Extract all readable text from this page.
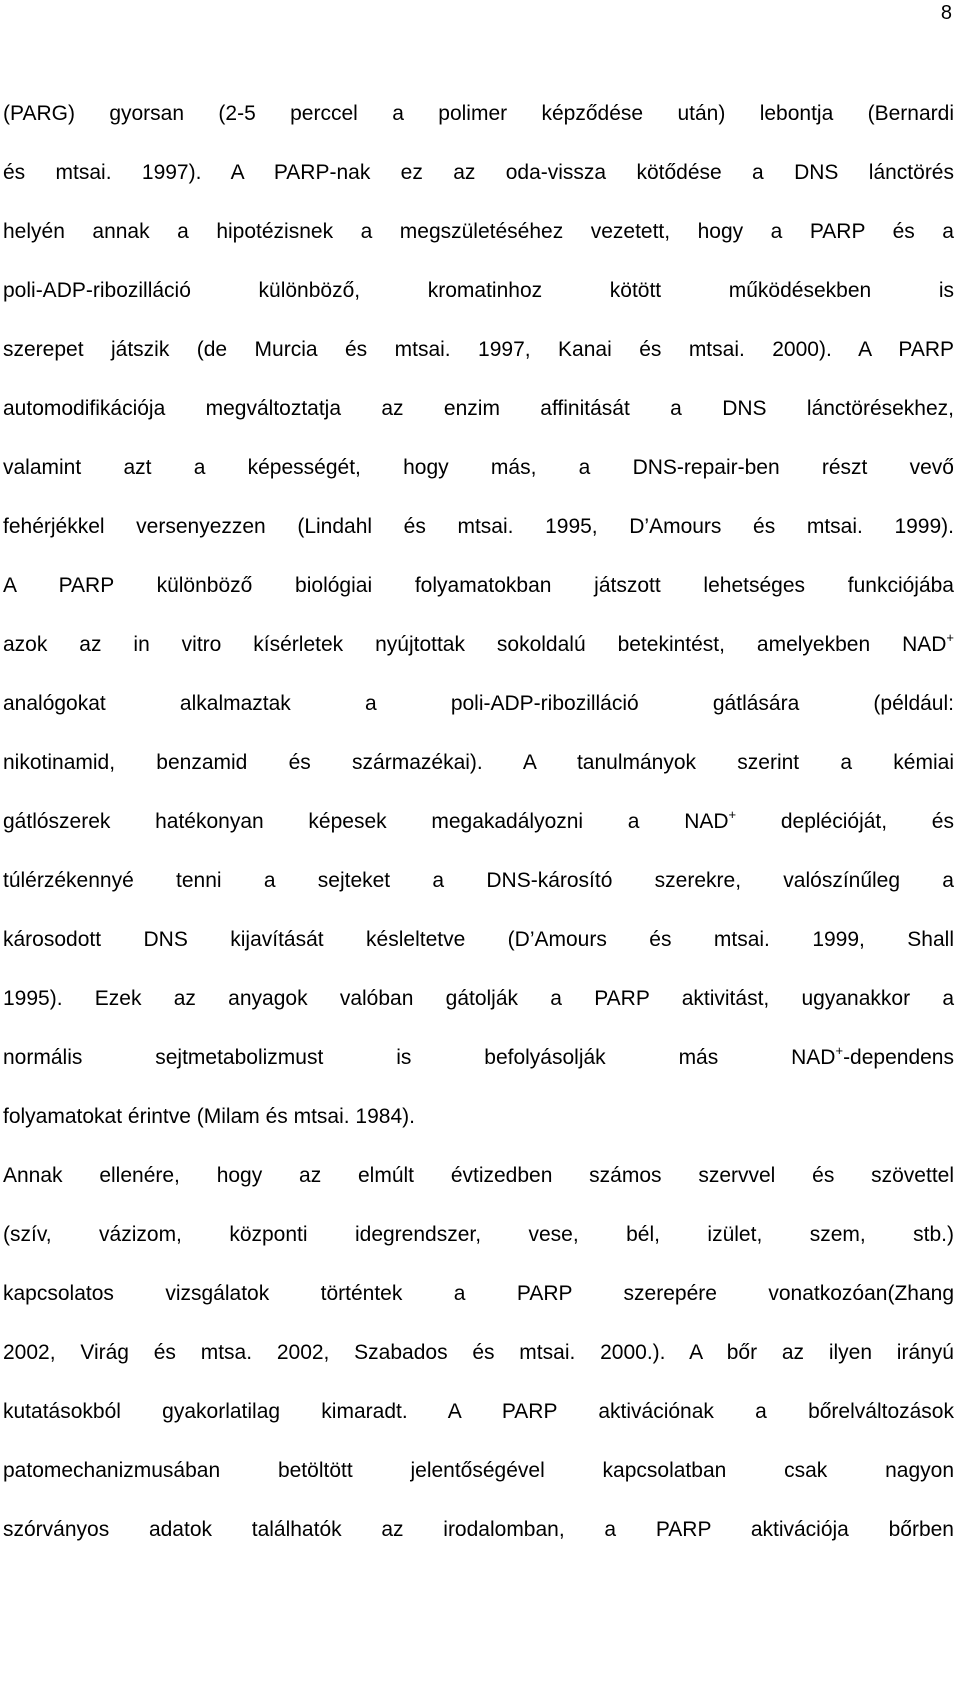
8
(PARG) gyorsan (2-5 perccel a polimer képződése után) lebontja (Bernardi
és mtsai. 1997). A PARP-nak ez az oda-vissza kötődése a DNS lánctörés
helyén annak a hipotézisnek a megszületéséhez vezetett, hogy a PARP és a
poli-ADP-ribozilláció különböző, kromatinhoz kötött működésekben is
szerepet játszik (de Murcia és mtsai. 1997, Kanai és mtsai. 2000). A PARP
automodifikációja megváltoztatja az enzim affinitását a DNS lánctörésekhez,
valamint azt a képességét, hogy más, a DNS-repair-ben részt vevő
fehérjékkel versenyezzen (Lindahl és mtsai. 1995, D’Amours és mtsai. 1999).
A PARP különböző biológiai folyamatokban játszott lehetséges funkciójába
azok az in vitro kísérletek nyújtottak sokoldalú betekintést, amelyekben NAD+
analógokat alkalmaztak a poli-ADP-ribozilláció gátlására (például:
nikotinamid, benzamid és származékai). A tanulmányok szerint a kémiai
gátlószerek hatékonyan képesek megakadályozni a NAD+ deplécióját, és
túlérzékennyé tenni a sejteket a DNS-károsító szerekre, valószínűleg a
károsodott DNS kijavítását késleltetve (D’Amours és mtsai. 1999, Shall
1995). Ezek az anyagok valóban gátolják a PARP aktivitást, ugyanakkor a
normális sejtmetabolizmust is befolyásolják más NAD+-dependens
folyamatokat érintve (Milam és mtsai. 1984).
Annak ellenére, hogy az elmúlt évtizedben számos szervvel és szövettel
(szív, vázizom, központi idegrendszer, vese, bél, izület, szem, stb.)
kapcsolatos vizsgálatok történtek a PARP szerepére vonatkozóan(Zhang
2002, Virág és mtsa. 2002, Szabados és mtsai. 2000.). A bőr az ilyen irányú
kutatásokból gyakorlatilag kimaradt. A PARP aktivációnak a bőrelváltozások
patomechanizmusában betöltött jelentőségével kapcsolatban csak nagyon
szórványos adatok találhatók az irodalomban, a PARP aktivációja bőrben
